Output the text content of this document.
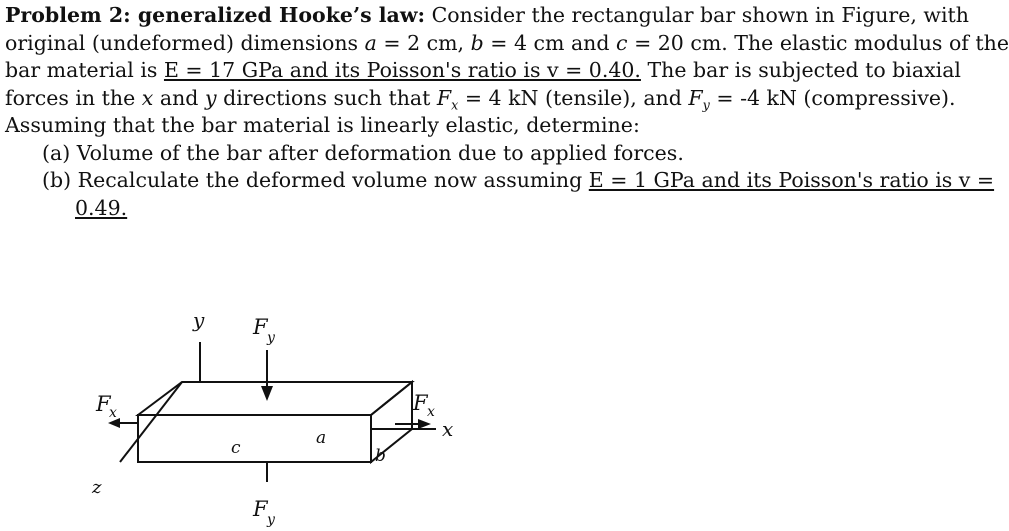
Problem 2: generalized Hooke’s law: Consider the rectangular bar shown in Figure, with
original (undeformed) dimensions a = 2 cm, b = 4 cm and c = 20 cm. The elastic modulus of the
bar material is E = 17 GPa and its Poisson's ratio is v = 0.40. The bar is subjected to biaxial
forces in the x and y directions such that $F_x = 4$ kN (tensile), and $F_y = -4$ kN (compressive).
Assuming that the bar material is linearly elastic, determine:
(a) Volume of the bar after deformation due to applied forces.
(b) Recalculate the deformed volume now assuming E = 1 GPa and its Poisson's ratio is v =
0.49.
y F y
F
x	F x
x
a
b
c
z
F y
